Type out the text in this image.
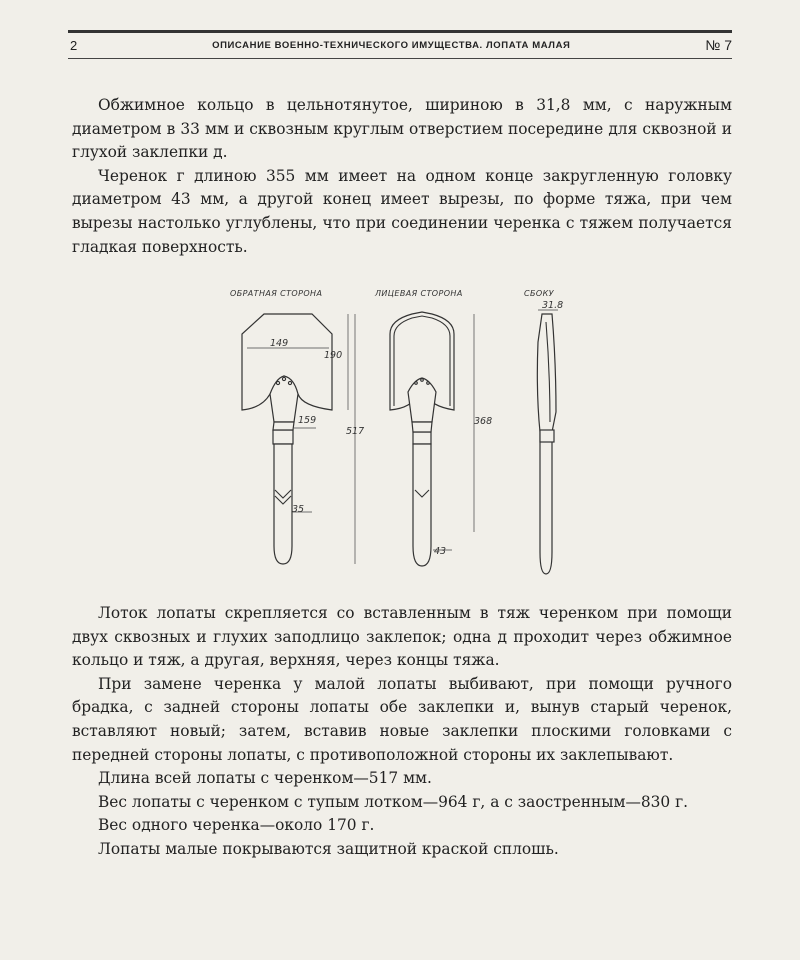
2	ОПИСАНИЕ ВОЕННО-ТЕХНИЧЕСКОГО ИМУЩЕСТВА. ЛОПАТА МАЛАЯ	№ 7

Обжимное кольцо в цельнотянутое, шириною в 31,8 мм, с наружным диаметром в 33 мм и сквозным круглым отверстием посередине для сквозной и глухой заклепки д.

Черенок г длиною 355 мм имеет на одном конце закругленную головку диаметром 43 мм, а другой конец имеет вырезы, по форме тяжа, при чем вырезы настолько углублены, что при соединении черенка с тяжем получается гладкая поверхность.

ОБРАТНАЯ СТОРОНА	ЛИЦЕВАЯ СТОРОНА	СБОКУ
149
190
159
35
517
368
43
31.8

Лоток лопаты скрепляется со вставленным в тяж черенком при помощи двух сквозных и глухих заподлицо заклепок; одна д проходит через обжимное кольцо и тяж, а другая, верхняя, через концы тяжа.

При замене черенка у малой лопаты выбивают, при помощи ручного брадка, с задней стороны лопаты обе заклепки и, вынув старый черенок, вставляют новый; затем, вставив новые заклепки плоскими головками с передней стороны лопаты, с противоположной стороны их заклепывают.

Длина всей лопаты с черенком—517 мм.

Вес лопаты с черенком с тупым лотком—964 г, а с заостренным—830 г.

Вес одного черенка—около 170 г.

Лопаты малые покрываются защитной краской сплошь.
